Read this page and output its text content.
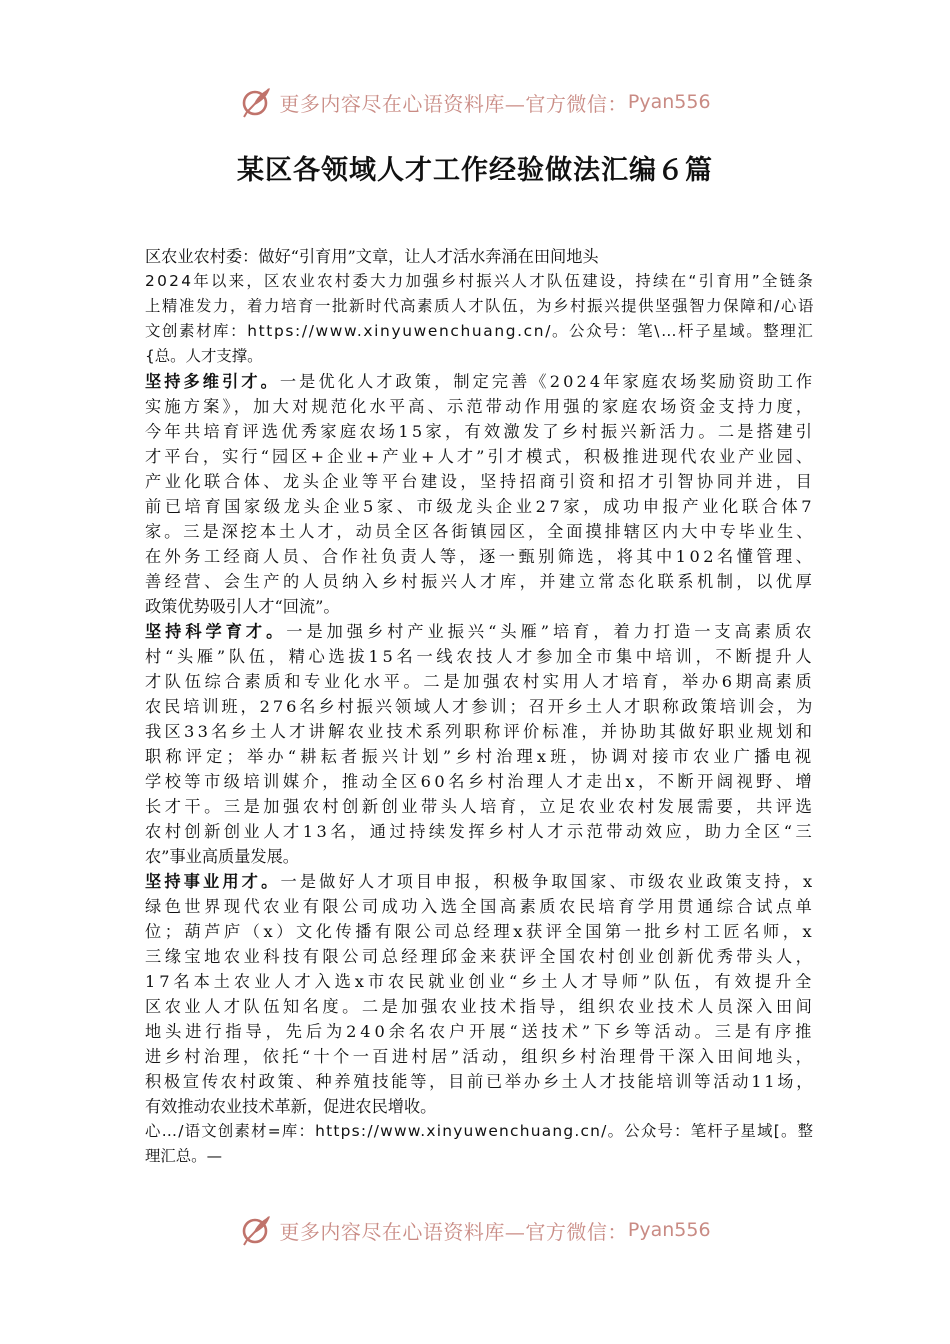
更多内容尽在心语资料库—官方微信： Pyan556
某区各领域人才工作经验做法汇编６篇
区农业农村委：做好“引育用”文章，让人才活水奔涌在田间地头
2024年以来，区农业农村委大力加强乡村振兴人才队伍建设，持续在“引育用”全链条
上精准发力，着力培育一批新时代高素质人才队伍，为乡村振兴提供坚强智力保障和/心语
文创素材库：https://www.xinyuwenchuang.cn/。公众号：笔\…杆子星域。整理汇
{总。人才支撑。
坚持多维引才。 一是优化人才政策，制定完善《2024年家庭农场奖励资助工作
实施方案》，加大对规范化水平高、示范带动作用强的家庭农场资金支持力度，
今年共培育评选优秀家庭农场15家，有效激发了乡村振兴新活力。二是搭建引
才平台，实行“园区+企业+产业+人才”引才模式，积极推进现代农业产业园、
产业化联合体、龙头企业等平台建设，坚持招商引资和招才引智协同并进，目
前已培育国家级龙头企业5家、市级龙头企业27家，成功申报产业化联合体7
家。三是深挖本土人才，动员全区各街镇园区，全面摸排辖区内大中专毕业生、
在外务工经商人员、合作社负责人等，逐一甄别筛选，将其中102名懂管理、
善经营、会生产的人员纳入乡村振兴人才库，并建立常态化联系机制，以优厚
政策优势吸引人才“回流”。
坚持科学育才。 一是加强乡村产业振兴“头雁”培育，着力打造一支高素质农
村“头雁”队伍，精心选拔15名一线农技人才参加全市集中培训，不断提升人
才队伍综合素质和专业化水平。二是加强农村实用人才培育，举办6期高素质
农民培训班，276名乡村振兴领域人才参训；召开乡土人才职称政策培训会，为
我区33名乡土人才讲解农业技术系列职称评价标准，并协助其做好职业规划和
职称评定；举办“耕耘者振兴计划”乡村治理x班，协调对接市农业广播电视
学校等市级培训媒介，推动全区60名乡村治理人才走出x，不断开阔视野、增
长才干。三是加强农村创新创业带头人培育，立足农业农村发展需要，共评选
农村创新创业人才13名，通过持续发挥乡村人才示范带动效应，助力全区“三
农”事业高质量发展。
坚持事业用才。 一是做好人才项目申报，积极争取国家、市级农业政策支持，x
绿色世界现代农业有限公司成功入选全国高素质农民培育学用贯通综合试点单
位；葫芦庐（x）文化传播有限公司总经理x获评全国第一批乡村工匠名师，x
三缘宝地农业科技有限公司总经理邱金来获评全国农村创业创新优秀带头人，
17名本土农业人才入选x市农民就业创业“乡土人才导师”队伍，有效提升全
区农业人才队伍知名度。二是加强农业技术指导，组织农业技术人员深入田间
地头进行指导，先后为240余名农户开展“送技术”下乡等活动。三是有序推
进乡村治理，依托“十个一百进村居”活动，组织乡村治理骨干深入田间地头，
积极宣传农村政策、种养殖技能等，目前已举办乡土人才技能培训等活动11场，
有效推动农业技术革新，促进农民增收。
心…/语文创素材=库：https://www.xinyuwenchuang.cn/。公众号：笔杆子星域[。整
理汇总。—
更多内容尽在心语资料库—官方微信： Pyan556
